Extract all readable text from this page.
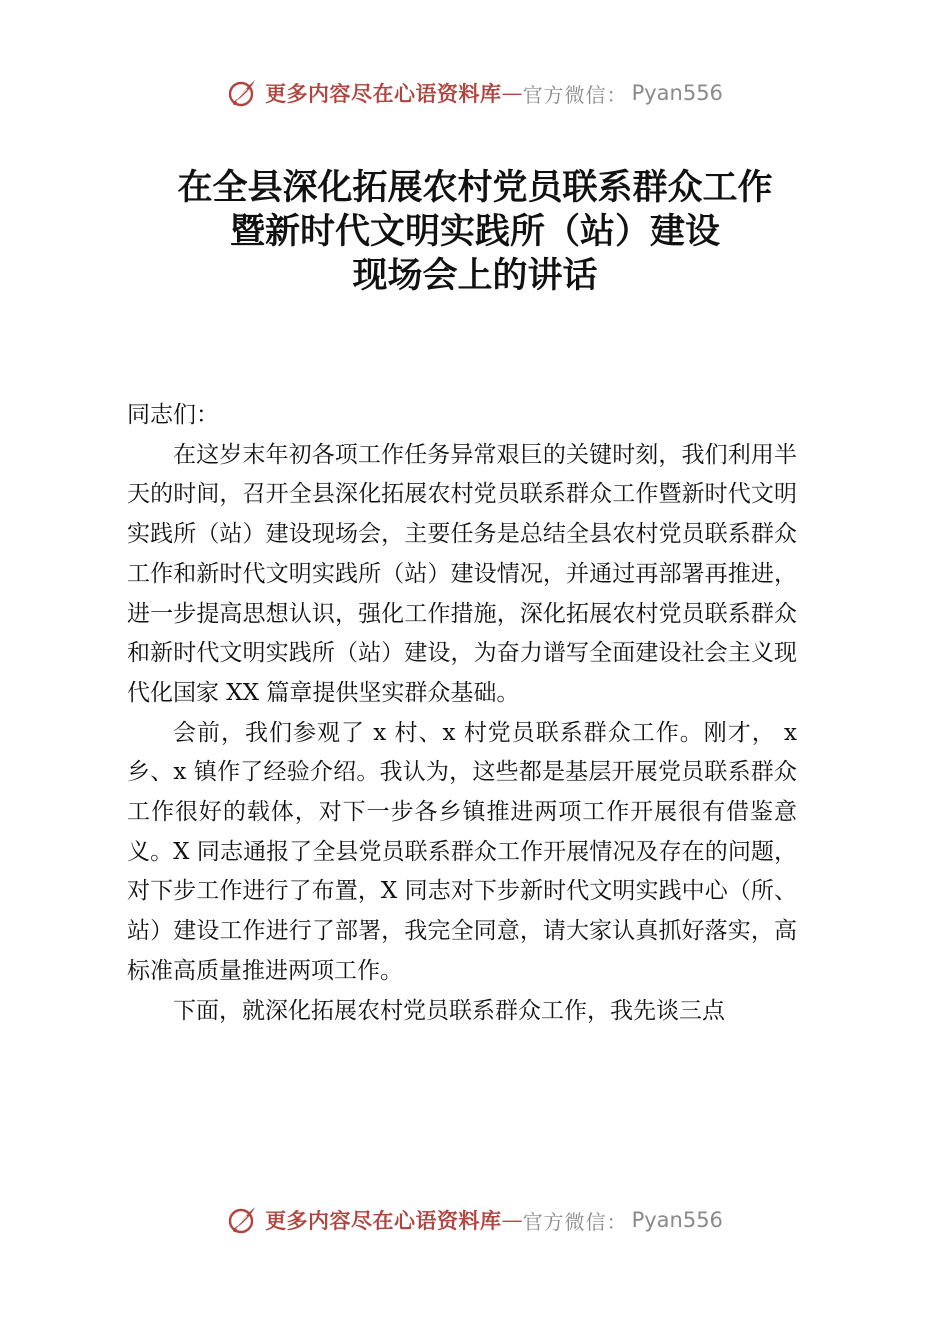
更多内容尽在心语资料库 — 官方微信： Pyan556
在全县深化拓展农村党员联系群众工作
暨新时代文明实践所（站）建设
现场会上的讲话

同志们：

在这岁末年初各项工作任务异常艰巨的关键时刻，我们利用半天的时间，召开全县深化拓展农村党员联系群众工作暨新时代文明实践所（站）建设现场会，主要任务是总结全县农村党员联系群众工作和新时代文明实践所（站）建设情况，并通过再部署再推进，进一步提高思想认识，强化工作措施，深化拓展农村党员联系群众和新时代文明实践所（站）建设，为奋力谱写全面建设社会主义现代化国家 XX 篇章提供坚实群众基础。

会前，我们参观了 x 村、x 村党员联系群众工作。刚才， x 乡、x 镇作了经验介绍。我认为，这些都是基层开展党员联系群众工作很好的载体，对下一步各乡镇推进两项工作开展很有借鉴意义。X 同志通报了全县党员联系群众工作开展情况及存在的问题，对下步工作进行了布置，X 同志对下步新时代文明实践中心（所、站）建设工作进行了部署，我完全同意，请大家认真抓好落实，高标准高质量推进两项工作。

下面，就深化拓展农村党员联系群众工作，我先谈三点

更多内容尽在心语资料库 — 官方微信： Pyan556
